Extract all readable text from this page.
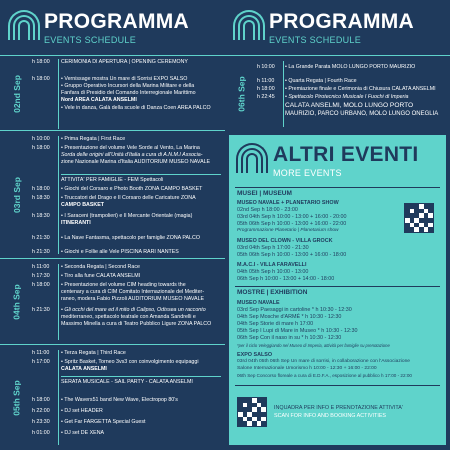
PROGRAMMA
EVENTS SCHEDULE
02nd Sep
h 18:00
h 18:00
CERIMONIA DI APERTURA | OPENING CEREMONY
• Vernissage mostra Un mare di Sorrisi EXPO SALSO
• Gruppo Operativo Incursori della Marina Militare e della
Fanfara di Presidio del Comando Interregionale Marittimo
Nord AREA CALATA ANSELMI
• Vele in danza, Galà della scuole di Danza Coen AREA PALCO
03rd Sep
h 10:00
h 18:00
h 18:00
h 18:30
h 18:30
h 21:30
h 21:30
• Prima Regata | First Race
• Presentazione del volume Vele Sorde al Vento, La Marina
Sorda delle origini all'Unità d'Italia a cura di A.N.M.I Associa-
zione Nazionale Marina d'Italia AUDITORIUM MUSEO NAVALE
ATTIVITA' PER FAMIGLIE - FEM Spettacoli
• Giochi del Corsaro e Photo Booth ZONA CAMPO BASKET
• Truccatori del Drago e Il Corsaro delle Caricature ZONA
CAMPO BASKET
• I Saraceni (trampolieri) e Il Mercante Orientale (magia)
ITINERANTI
• La Nave Fantasma, spettacolo per famiglie ZONA PALCO
• Giochi e Follie alle Vele PISCINA RARI NANTES
04th Sep
h 11:00
h 17:30
h 18:00
h 21:30
• Seconda Regata | Second Race
• Tiro alla fune CALATA ANSELMI
• Presentazione del volume CIM heading towards the
centenary a cura di CIM Comitato Internazionale del Mediter-
raneo, modera Fabio Pizzoli AUDITORIUM MUSEO NAVALE
• Gli occhi del mare ed il mito di Calipso, Odissea un racconto
mediterraneo, spettacolo teatrale con Amanda Sandrelli e
Massimo Minella a cura di Teatro Pubblico Ligure ZONA PALCO
05th Sep
h 11:00
h 17:00
h 18:00
h 22:00
h 23:30
h 01:00
• Terza Regata | Third Race
• Spritz Basket, Torneo 3vs3 con coinvolgimento equipaggi
CALATA ANSELMI
SERATA MUSICALE - SAIL PARTY - CALATA ANSELMI
• The Wavers51 band New Wave, Electropop 80's
• DJ set HEADER
• Get Far FARGETTA Special Guest
• DJ set DE XENA
PROGRAMMA
EVENTS SCHEDULE
06th Sep
h 10:00
h 11:00
h 18:00
h 22:45
• La Grande Parata MOLO LUNGO PORTO MAURIZIO
• Quarta Regata | Fourth Race
• Premiazione finale e Cerimonia di Chiusura CALATA ANSELMI
• Spettacolo Pirotecnico Musicale I Fuochi di Imperia
CALATA ANSELMI, MOLO LUNGO PORTO
MAURIZIO, PARCO URBANO, MOLO LUNGO ONEGLIA
ALTRI EVENTI
MORE EVENTS
MUSEI | MUSEUM
MUSEO NAVALE + PLANETARIO SHOW
02nd Sep h 18:00 - 23:00
03rd 04th Sep h 10:00 - 13:00 + 16:00 - 20:00
05th 06th Sep h 10:00 - 13:00 + 16:00 - 22:00
Programmazione Planetario | Planetarium show
MUSEO DEL CLOWN - VILLA GROCK
03rd 04th Sep h 17:00 - 21:30
05th 06th Sep h 10:00 - 13:00 + 16:00 - 18:00
M.A.C.I - VILLA FARAVELLI
04th 05th Sep h 10:00 - 13:00
06th Sep h 10:00 - 13:00 + 14:00 - 18:00
MOSTRE | EXHIBITION
MUSEO NAVALE
03rd Sep Paesaggi in cartoline * h 10:30 - 12:30
04th Sep Mosche d'ARMÉ * h 10:30 - 12:30
04th Sep Storie di mare h 17:00
05th Sep I Lupi di Mare in Museo * h 10:30 - 12:30
06th Sep Con il naso in su * h 10:30 - 12:30
*per il ciclo Veleggiando nel Museo di Imperia, attività per famiglie su prenotazione
EXPO SALSO
03rd 04th 05th 06th Sep Un mare di sorrisi, in collaborazione con l'Associazione
Salone Internazionale Umorismo h 10:00 - 12:30 + 16:00 - 22:00
06th Sep Concorso floreale a cura di E.D.F.A., esposizione al pubblico h 17:00 - 22:00
INQUADRA PER INFO E PRENOTAZIONE ATTIVITA'
SCAN FOR INFO AND BOOKING ACTIVITIES
